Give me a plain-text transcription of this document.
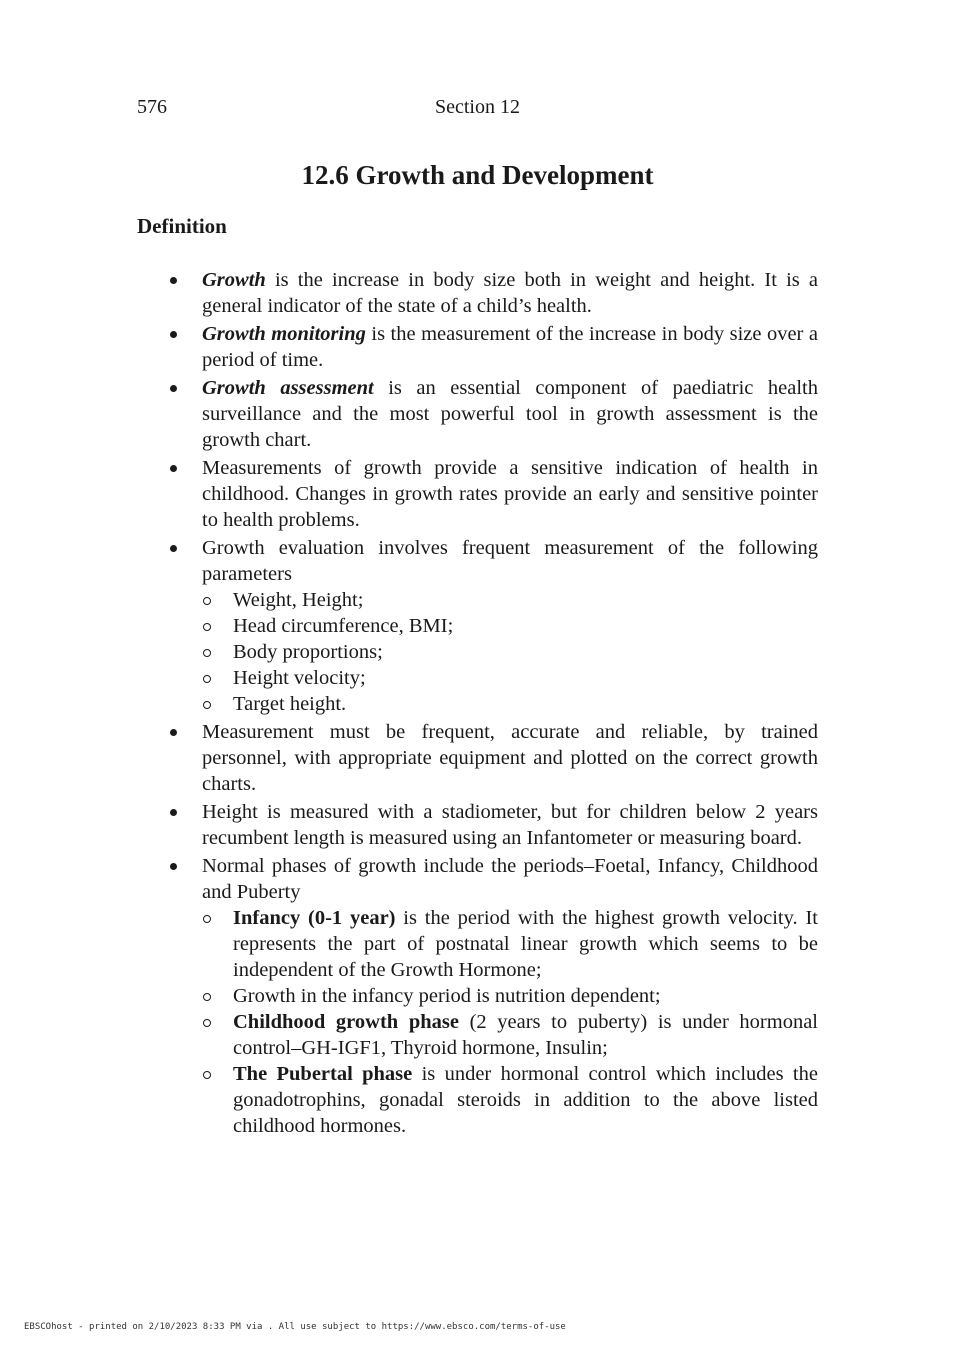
576	Section 12
12.6 Growth and Development
Definition
Growth is the increase in body size both in weight and height. It is a general indicator of the state of a child’s health.
Growth monitoring is the measurement of the increase in body size over a period of time.
Growth assessment is an essential component of paediatric health surveillance and the most powerful tool in growth assessment is the growth chart.
Measurements of growth provide a sensitive indication of health in childhood. Changes in growth rates provide an early and sensitive pointer to health problems.
Growth evaluation involves frequent measurement of the following parameters
Weight, Height;
Head circumference, BMI;
Body proportions;
Height velocity;
Target height.
Measurement must be frequent, accurate and reliable, by trained personnel, with appropriate equipment and plotted on the correct growth charts.
Height is measured with a stadiometer, but for children below 2 years recumbent length is measured using an Infantometer or measuring board.
Normal phases of growth include the periods–Foetal, Infancy, Childhood and Puberty
Infancy (0-1 year) is the period with the highest growth velocity. It represents the part of postnatal linear growth which seems to be independent of the Growth Hormone;
Growth in the infancy period is nutrition dependent;
Childhood growth phase (2 years to puberty) is under hormonal control–GH-IGF1, Thyroid hormone, Insulin;
The Pubertal phase is under hormonal control which includes the gonadotrophins, gonadal steroids in addition to the above listed childhood hormones.
EBSCOhost - printed on 2/10/2023 8:33 PM via . All use subject to https://www.ebsco.com/terms-of-use
